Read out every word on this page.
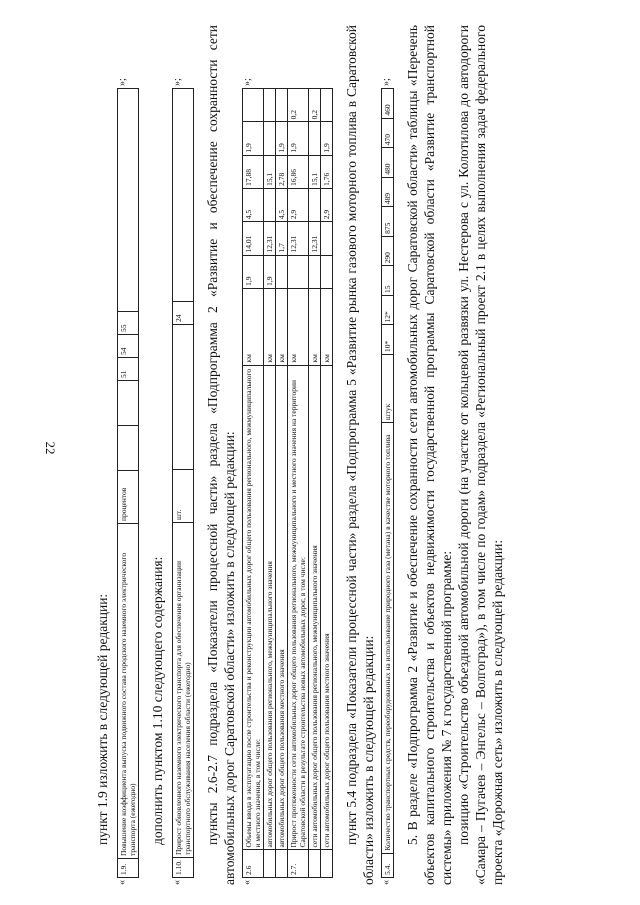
22

пункт 1.9 изложить в следующей редакции:

«
1.9.	Повышение коэффициента выпуска подвижного состава городского наземного электрического транспорта (ежегодно)	процентов			51	54	55	
»;

дополнить пунктом 1.10 следующего содержания:

«
1.10.	Прирост обновленного наземного электрического транспорта для обеспечения организации транспортного обслуживания населения области (ежегодно)	шт.		24	
»; пункты 2.6-2.7 подраздела «Показатели процессной части» раздела «Подпрограмма 2 «Развитие и обеспечение сохранности сети автомобильных дорог Саратовской области» изложить в следующей редакции: «
2.6	Объемы ввода в эксплуатацию после строительства и реконструкции автомобильных дорог общего пользования регионального, межмуниципального и местного значения, в том числе:	км	1,9	14,01	4,5	17,88	1,9	
	автомобильных дорог общего пользования регионального, межмуниципального значения	км	1,9	12,31		15,1		
	автомобильных дорог общего пользования местного значения	км		1,7	4,5	2,78	1,9	
2.7.	Прирост протяженности сети автомобильных дорог общего пользования регионального, межмуниципального и местного значения на территории Саратовской области в результате строительства новых автомобильных дорог, в том числе:	км		12,31	2,9	16,86	1,9	0,2
	сети автомобильных дорог общего пользования регионального, межмуниципального значения	км		12,31		15,1		0,2
	сети автомобильных дорог общего пользования местного значения	км			2,9	1,76	1,9	
»;	пункт 5.4 подраздела «Показатели процессной части» раздела «Подпрограмма 5 «Развитие рынка газового моторного топлива в Саратовской области» изложить в следующей редакции: «
5.4.	Количество транспортных средств, переоборудованных на использование природного газа (метана) в качестве моторного топлива	штук	10*	12*	15	290	875	489	480	470	460
»; 5. В разделе «Подпрограмма 2 «Развитие и обеспечение сохранности сети автомобильных дорог Саратовской области» таблицы «Перечень объектов капитального строительства и объектов недвижимости государственной программы Саратовской области «Развитие транспортной системы» приложения № 7 к государственной программе: позицию «Строительство объездной автомобильной дороги (на участке от кольцевой развязки ул. Нестерова с ул. Колотилова до автодороги «Самара – Пугачев – Энгельс – Волгоград»), в том числе по годам» подраздела «Региональный проект 2.1 в целях выполнения задач федерального проекта «Дорожная сеть» изложить в следующей редакции:
